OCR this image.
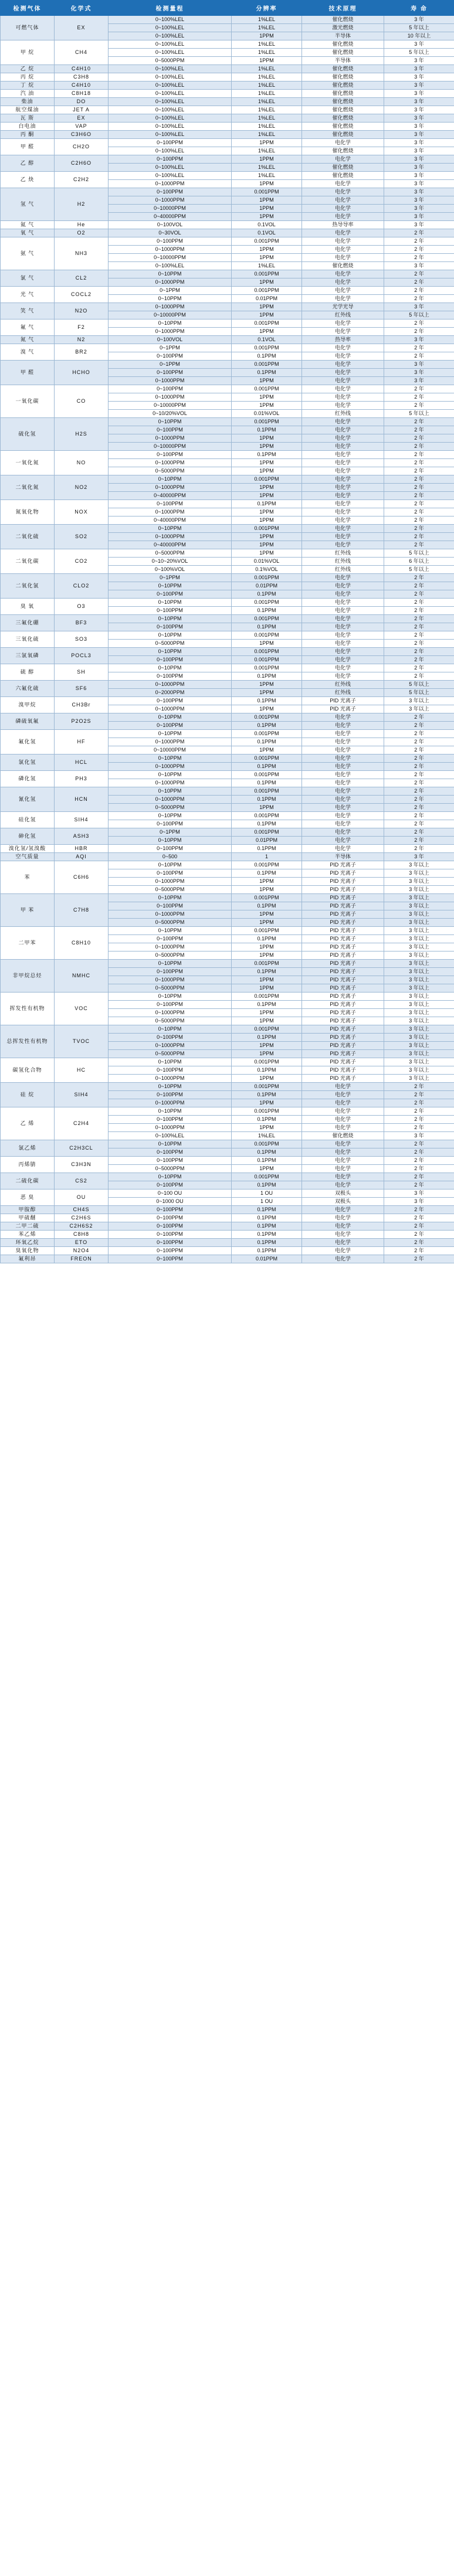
检测气体	化学式	检测量程	分辨率	技术原理	寿 命
可燃气体	EX	0~100%LEL	1%LEL	催化燃烧	3 年
		0~100%LEL	1%LEL	激光燃烧	5 年以上
		0~100%LEL	1PPM	半导体	10 年以上
甲 烷	CH4	0~100%LEL	1%LEL	催化燃烧	3 年
		0~100%LEL	1%LEL	催化燃烧	5 年以上
		0~5000PPM	1PPM	半导体	3 年
乙 烷	C4H10	0~100%LEL	1%LEL	催化燃烧	3 年
丙 烷	C3H8	0~100%LEL	1%LEL	催化燃烧	3 年
丁 烷	C4H10	0~100%LEL	1%LEL	催化燃烧	3 年
汽 油	C8H18	0~100%LEL	1%LEL	催化燃烧	3 年
柴油	DO	0~100%LEL	1%LEL	催化燃烧	3 年
航空煤油	JET A	0~100%LEL	1%LEL	催化燃烧	3 年
瓦 斯	EX	0~100%LEL	1%LEL	催化燃烧	3 年
白电油	VAP	0~100%LEL	1%LEL	催化燃烧	3 年
丙 酮	C3H6O	0~100%LEL	1%LEL	催化燃烧	3 年
甲 醛	CH2O	0~100PPM	1PPM	电化学	3 年
		0~100%LEL	1%LEL	催化燃烧	3 年
乙 醇	C2H6O	0~100PPM	1PPM	电化学	3 年
		0~100%LEL	1%LEL	催化燃烧	3 年
乙 炔	C2H2	0~100%LEL	1%LEL	催化燃烧	3 年
		0~1000PPM	1PPM	电化学	3 年
氢 气	H2	0~100PPM	0.001PPM	电化学	3 年
		0~1000PPM	1PPM	电化学	3 年
		0~10000PPM	1PPM	电化学	3 年
		0~40000PPM	1PPM	电化学	3 年
氦 气	He	0~100VOL	0.1VOL	热导导率	3 年
氧 气	O2	0~30VOL	0.1VOL	电化学	2 年
氨 气	NH3	0~100PPM	0.001PPM	电化学	2 年
		0~1000PPM	1PPM	电化学	2 年
		0~10000PPM	1PPM	电化学	2 年
		0~100%LEL	1%LEL	催化燃烧	3 年
氯 气	CL2	0~10PPM	0.001PPM	电化学	2 年
		0~1000PPM	1PPM	电化学	2 年
光 气	COCL2	0~1PPM	0.001PPM	电化学	2 年
		0~10PPM	0.01PPM	电化学	2 年
笑 气	N2O	0~1000PPM	1PPM	光学光导	3 年
		0~10000PPM	1PPM	红外线	5 年以上
氟 气	F2	0~10PPM	0.001PPM	电化学	2 年
		0~1000PPM	1PPM	电化学	2 年
氮 气	N2	0~100VOL	0.1VOL	热导率	3 年
溴 气	BR2	0~1PPM	0.001PPM	电化学	2 年
		0~100PPM	0.1PPM	电化学	2 年
甲 醛	HCHO	0~1PPM	0.001PPM	电化学	3 年
		0~100PPM	0.1PPM	电化学	3 年
		0~1000PPM	1PPM	电化学	3 年
一氧化碳	CO	0~100PPM	0.001PPM	电化学	2 年
		0~1000PPM	1PPM	电化学	2 年
		0~10000PPM	1PPM	电化学	2 年
		0~10/20%VOL	0.01%VOL	红外线	5 年以上
硫化氢	H2S	0~10PPM	0.001PPM	电化学	2 年
		0~100PPM	0.1PPM	电化学	2 年
		0~1000PPM	1PPM	电化学	2 年
		0~10000PPM	1PPM	电化学	2 年
一氧化氮	NO	0~100PPM	0.1PPM	电化学	2 年
		0~1000PPM	1PPM	电化学	2 年
		0~5000PPM	1PPM	电化学	2 年
二氧化氮	NO2	0~10PPM	0.001PPM	电化学	2 年
		0~1000PPM	1PPM	电化学	2 年
		0~40000PPM	1PPM	电化学	2 年
氮氧化物	NOX	0~100PPM	0.1PPM	电化学	2 年
		0~1000PPM	1PPM	电化学	2 年
		0~40000PPM	1PPM	电化学	2 年
二氧化硫	SO2	0~10PPM	0.001PPM	电化学	2 年
		0~1000PPM	1PPM	电化学	2 年
		0~40000PPM	1PPM	电化学	2 年
二氧化碳	CO2	0~5000PPM	1PPM	红外线	5 年以上
		0~10~20%VOL	0.01%VOL	红外线	6 年以上
		0~100%VOL	0.1%VOL	红外线	5 年以上
二氧化氯	CLO2	0~1PPM	0.001PPM	电化学	2 年
		0~10PPM	0.01PPM	电化学	2 年
		0~100PPM	0.1PPM	电化学	2 年
臭 氧	O3	0~10PPM	0.001PPM	电化学	2 年
		0~100PPM	0.1PPM	电化学	2 年
三氟化硼	BF3	0~10PPM	0.001PPM	电化学	2 年
		0~100PPM	0.1PPM	电化学	2 年
三氧化硫	SO3	0~10PPM	0.001PPM	电化学	2 年
		0~5000PPM	1PPM	电化学	2 年
三氯氧磷	POCL3	0~10PPM	0.001PPM	电化学	2 年
		0~100PPM	0.001PPM	电化学	2 年
硫 醇	SH	0~10PPM	0.001PPM	电化学	2 年
		0~100PPM	0.1PPM	电化学	2 年
六氟化硫	SF6	0~1000PPM	1PPM	红外线	5 年以上
		0~2000PPM	1PPM	红外线	5 年以上
溴甲烷	CH3Br	0~100PPM	0.1PPM	PID 光离子	3 年以上
		0~1000PPM	1PPM	PID 光离子	3 年以上
磷硫氧氟	P2O2S	0~10PPM	0.001PPM	电化学	2 年
		0~100PPM	0.1PPM	电化学	2 年
氟化氢	HF	0~10PPM	0.001PPM	电化学	2 年
		0~1000PPM	0.1PPM	电化学	2 年
		0~10000PPM	1PPM	电化学	2 年
氯化氢	HCL	0~10PPM	0.001PPM	电化学	2 年
		0~1000PPM	0.1PPM	电化学	2 年
磷化氢	PH3	0~10PPM	0.001PPM	电化学	2 年
		0~1000PPM	0.1PPM	电化学	2 年
氰化氢	HCN	0~10PPM	0.001PPM	电化学	2 年
		0~1000PPM	0.1PPM	电化学	2 年
		0~5000PPM	1PPM	电化学	2 年
硅化氢	SIH4	0~10PPM	0.001PPM	电化学	2 年
		0~100PPM	0.1PPM	电化学	2 年
砷化氢	ASH3	0~1PPM	0.001PPM	电化学	2 年
		0~10PPM	0.01PPM	电化学	2 年
溴化氢/氢溴酸	HBR	0~100PPM	0.1PPM	电化学	2 年
空气质量	AQI	0~500	1	半导体	3 年
苯	C6H6	0~10PPM	0.001PPM	PID 光离子	3 年以上
		0~100PPM	0.1PPM	PID 光离子	3 年以上
		0~1000PPM	1PPM	PID 光离子	3 年以上
		0~5000PPM	1PPM	PID 光离子	3 年以上
甲 苯	C7H8	0~10PPM	0.001PPM	PID 光离子	3 年以上
		0~100PPM	0.1PPM	PID 光离子	3 年以上
		0~1000PPM	1PPM	PID 光离子	3 年以上
		0~5000PPM	1PPM	PID 光离子	3 年以上
二甲苯	C8H10	0~10PPM	0.001PPM	PID 光离子	3 年以上
		0~100PPM	0.1PPM	PID 光离子	3 年以上
		0~1000PPM	1PPM	PID 光离子	3 年以上
		0~5000PPM	1PPM	PID 光离子	3 年以上
非甲烷总烃	NMHC	0~10PPM	0.001PPM	PID 光离子	3 年以上
		0~100PPM	0.1PPM	PID 光离子	3 年以上
		0~1000PPM	1PPM	PID 光离子	3 年以上
		0~5000PPM	1PPM	PID 光离子	3 年以上
挥发性有机物	VOC	0~10PPM	0.001PPM	PID 光离子	3 年以上
		0~100PPM	0.1PPM	PID 光离子	3 年以上
		0~1000PPM	1PPM	PID 光离子	3 年以上
		0~5000PPM	1PPM	PID 光离子	3 年以上
总挥发性有机物	TVOC	0~10PPM	0.001PPM	PID 光离子	3 年以上
		0~100PPM	0.1PPM	PID 光离子	3 年以上
		0~1000PPM	1PPM	PID 光离子	3 年以上
		0~5000PPM	1PPM	PID 光离子	3 年以上
碳氢化合物	HC	0~10PPM	0.001PPM	PID 光离子	3 年以上
		0~100PPM	0.1PPM	PID 光离子	3 年以上
		0~1000PPM	1PPM	PID 光离子	3 年以上
硅 烷	SIH4	0~10PPM	0.001PPM	电化学	2 年
		0~100PPM	0.1PPM	电化学	2 年
		0~1000PPM	1PPM	电化学	2 年
乙 烯	C2H4	0~10PPM	0.001PPM	电化学	2 年
		0~100PPM	0.1PPM	电化学	2 年
		0~1000PPM	1PPM	电化学	2 年
		0~100%LEL	1%LEL	催化燃烧	3 年
氯乙烯	C2H3CL	0~10PPM	0.001PPM	电化学	2 年
		0~100PPM	0.1PPM	电化学	2 年
丙烯腈	C3H3N	0~100PPM	0.1PPM	电化学	2 年
		0~5000PPM	1PPM	电化学	2 年
二硫化碳	CS2	0~10PPM	0.001PPM	电化学	2 年
		0~100PPM	0.1PPM	电化学	2 年
恶 臭	OU	0~100 OU	1 OU	双极头	3 年
		0~1000 OU	1 OU	双极头	3 年
甲胺醇	CH4S	0~100PPM	0.1PPM	电化学	2 年
甲硫醚	C2H6S	0~100PPM	0.1PPM	电化学	2 年
二甲二硫	C2H6S2	0~100PPM	0.1PPM	电化学	2 年
苯乙烯	C8H8	0~100PPM	0.1PPM	电化学	2 年
环氧乙烷	ETO	0~100PPM	0.1PPM	电化学	2 年
臭氧化物	N2O4	0~100PPM	0.1PPM	电化学	2 年
氟利昂	FREON	0~100PPM	0.01PPM	电化学	2 年
